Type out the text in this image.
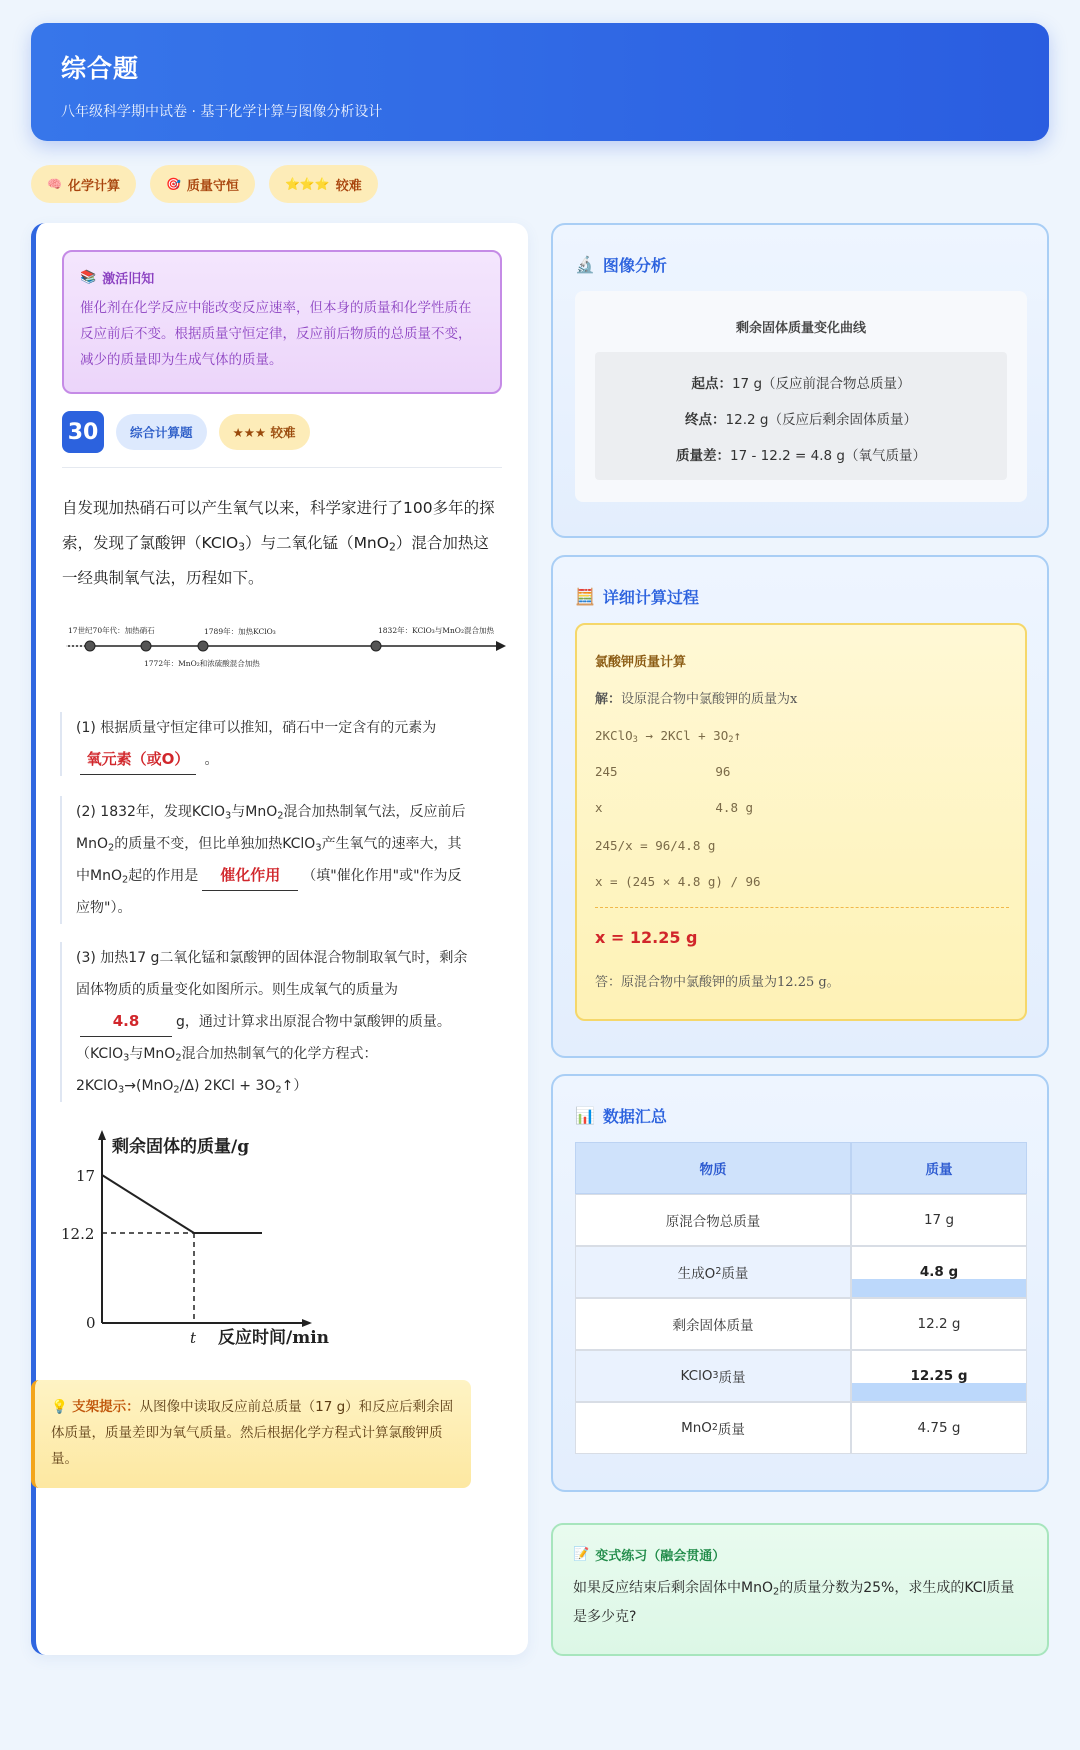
综合题
八年级科学期中试卷 · 基于化学计算与图像分析设计
🧠 化学计算	🎯 质量守恒	⭐⭐⭐ 较难
📚 激活旧知
催化剂在化学反应中能改变反应速率，但本身的质量和化学性质在反应前后不变。根据质量守恒定律，反应前后物质的总质量不变，减少的质量即为生成气体的质量。
30	综合计算题	★★★ 较难
自发现加热硝石可以产生氧气以来，科学家进行了100多年的探索，发现了氯酸钾（KClO$_3$）与二氧化锰（MnO$_2$）混合加热这一经典制氧气法，历程如下。
17世纪70年代：加热硝石
1772年：MnO₂和浓硫酸混合加热
1789年：加热KClO₃	1832年：KClO₃与MnO₂混合加热
(1) 根据质量守恒定律可以推知，硝石中一定含有的元素为
氧元素（或O） 。
(2) 1832年，发现KClO$_3$与MnO$_2$混合加热制氧气法，反应前后MnO$_2$的质量不变，但比单独加热KClO$_3$产生氧气的速率大，其中MnO$_2$起的作用是 催化作用 （填"催化作用"或"作为反应物"）。
(3) 加热17 g二氧化锰和氯酸钾的固体混合物制取氧气时，剩余固体物质的质量变化如图所示。则生成氧气的质量为
4.8	g，通过计算求出原混合物中氯酸钾的质量。（KClO$_3$与MnO$_2$混合加热制氧气的化学方程式：2KClO$_3$→(MnO$_2$/Δ) $2KCl + 3O_2↑$）
剩余固体的质量/g
17
12.2
0
t 反应时间/min
💡 支架提示：从图像中读取反应前总质量（17 g）和反应后剩余固体质量，质量差即为氧气质量。然后根据化学方程式计算氯酸钾质量。
🔬 图像分析
剩余固体质量变化曲线
起点：17 g（反应前混合物总质量）
终点：12.2 g（反应后剩余固体质量）
质量差：17 - 12.2 = 4.8 g（氧气质量）
🧮 详细计算过程
氯酸钾质量计算
解：设原混合物中氯酸钾的质量为x
2KClO$_3$ → $2KCl + 3O_2↑$
245             96
x               4.8 g
245/x = 96/4.8 g
x = (245 × 4.8 g) / 96
x = 12.25 g
答：原混合物中氯酸钾的质量为12.25 g。
📊 数据汇总
物质	质量
原混合物总质量	17 g
生成O 2 质量	4.8 g
剩余固体质量	12.2 g
KClO 3 质量	12.25 g
MnO 2 质量	4.75 g
📝 变式练习（融会贯通）
如果反应结束后剩余固体中MnO$_2$的质量分数为25%，求生成的KCl质量是多少克?
